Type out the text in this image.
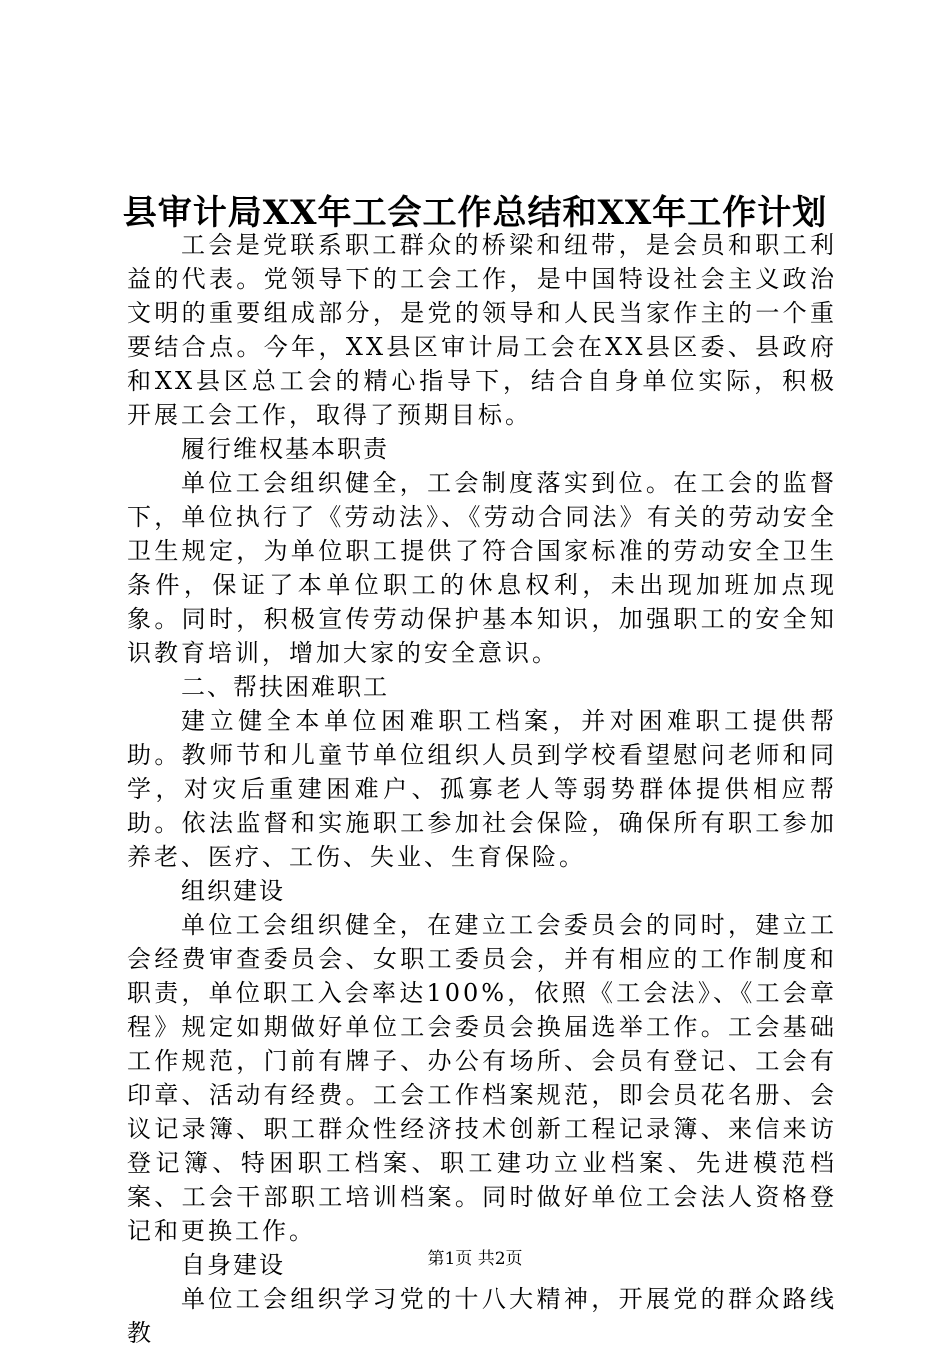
县审计局XX年工会工作总结和XX年工作计划

工会是党联系职工群众的桥梁和纽带，是会员和职工利益的代表。党领导下的工会工作，是中国特设社会主义政治文明的重要组成部分，是党的领导和人民当家作主的一个重要结合点。今年，XX县区审计局工会在XX县区委、县政府和XX县区总工会的精心指导下，结合自身单位实际，积极开展工会工作，取得了预期目标。

履行维权基本职责

单位工会组织健全，工会制度落实到位。在工会的监督下，单位执行了《劳动法》、《劳动合同法》有关的劳动安全卫生规定，为单位职工提供了符合国家标准的劳动安全卫生条件，保证了本单位职工的休息权利，未出现加班加点现象。同时，积极宣传劳动保护基本知识，加强职工的安全知识教育培训，增加大家的安全意识。

二、帮扶困难职工

建立健全本单位困难职工档案，并对困难职工提供帮助。教师节和儿童节单位组织人员到学校看望慰问老师和同学，对灾后重建困难户、孤寡老人等弱势群体提供相应帮助。依法监督和实施职工参加社会保险，确保所有职工参加养老、医疗、工伤、失业、生育保险。

组织建设

单位工会组织健全，在建立工会委员会的同时，建立工会经费审查委员会、女职工委员会，并有相应的工作制度和职责，单位职工入会率达100%，依照《工会法》、《工会章程》规定如期做好单位工会委员会换届选举工作。工会基础工作规范，门前有牌子、办公有场所、会员有登记、工会有印章、活动有经费。工会工作档案规范，即会员花名册、会议记录簿、职工群众性经济技术创新工程记录簿、来信来访登记簿、特困职工档案、职工建功立业档案、先进模范档案、工会干部职工培训档案。同时做好单位工会法人资格登记和更换工作。

自身建设

单位工会组织学习党的十八大精神，开展党的群众路线教

第1页 共2页
